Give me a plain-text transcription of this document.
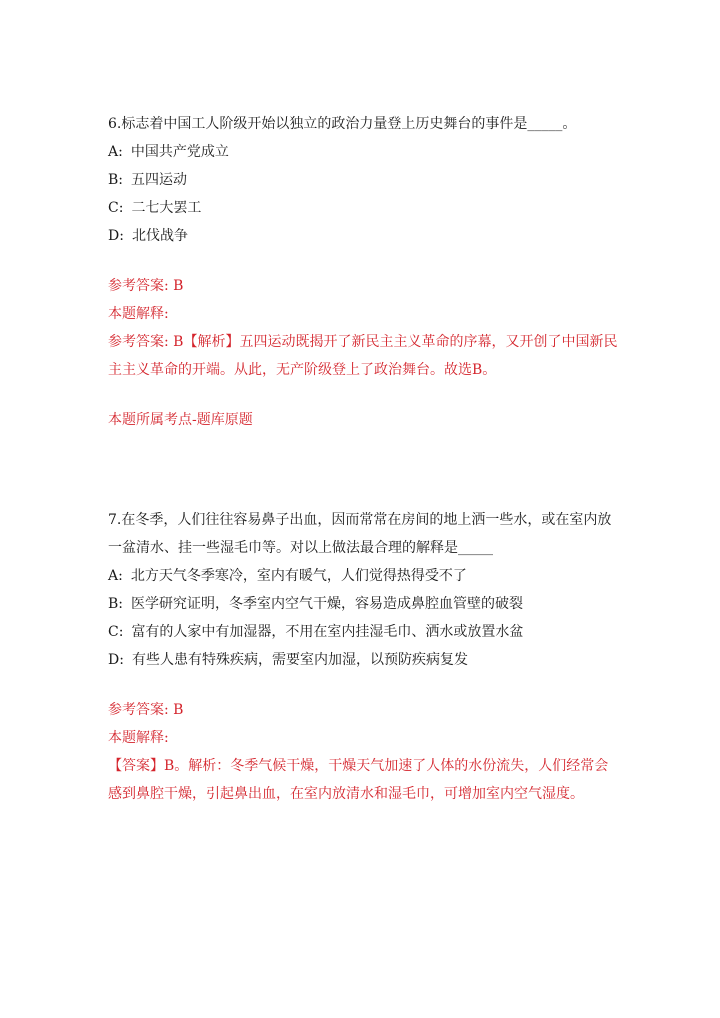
6.标志着中国工人阶级开始以独立的政治力量登上历史舞台的事件是_____。

A: 中国共产党成立
B: 五四运动
C: 二七大罢工
D: 北伐战争

参考答案: B

本题解释:

参考答案: B【解析】五四运动既揭开了新民主主义革命的序幕，又开创了中国新民主主义革命的开端。从此，无产阶级登上了政治舞台。故选B。

本题所属考点-题库原题

7.在冬季，人们往往容易鼻子出血，因而常常在房间的地上洒一些水，或在室内放一盆清水、挂一些湿毛巾等。对以上做法最合理的解释是_____

A: 北方天气冬季寒冷，室内有暖气，人们觉得热得受不了
B: 医学研究证明，冬季室内空气干燥，容易造成鼻腔血管壁的破裂
C: 富有的人家中有加湿器，不用在室内挂湿毛巾、洒水或放置水盆
D: 有些人患有特殊疾病，需要室内加湿，以预防疾病复发

参考答案: B

本题解释:

【答案】B。解析：冬季气候干燥，干燥天气加速了人体的水份流失，人们经常会感到鼻腔干燥，引起鼻出血，在室内放清水和湿毛巾，可增加室内空气湿度。
